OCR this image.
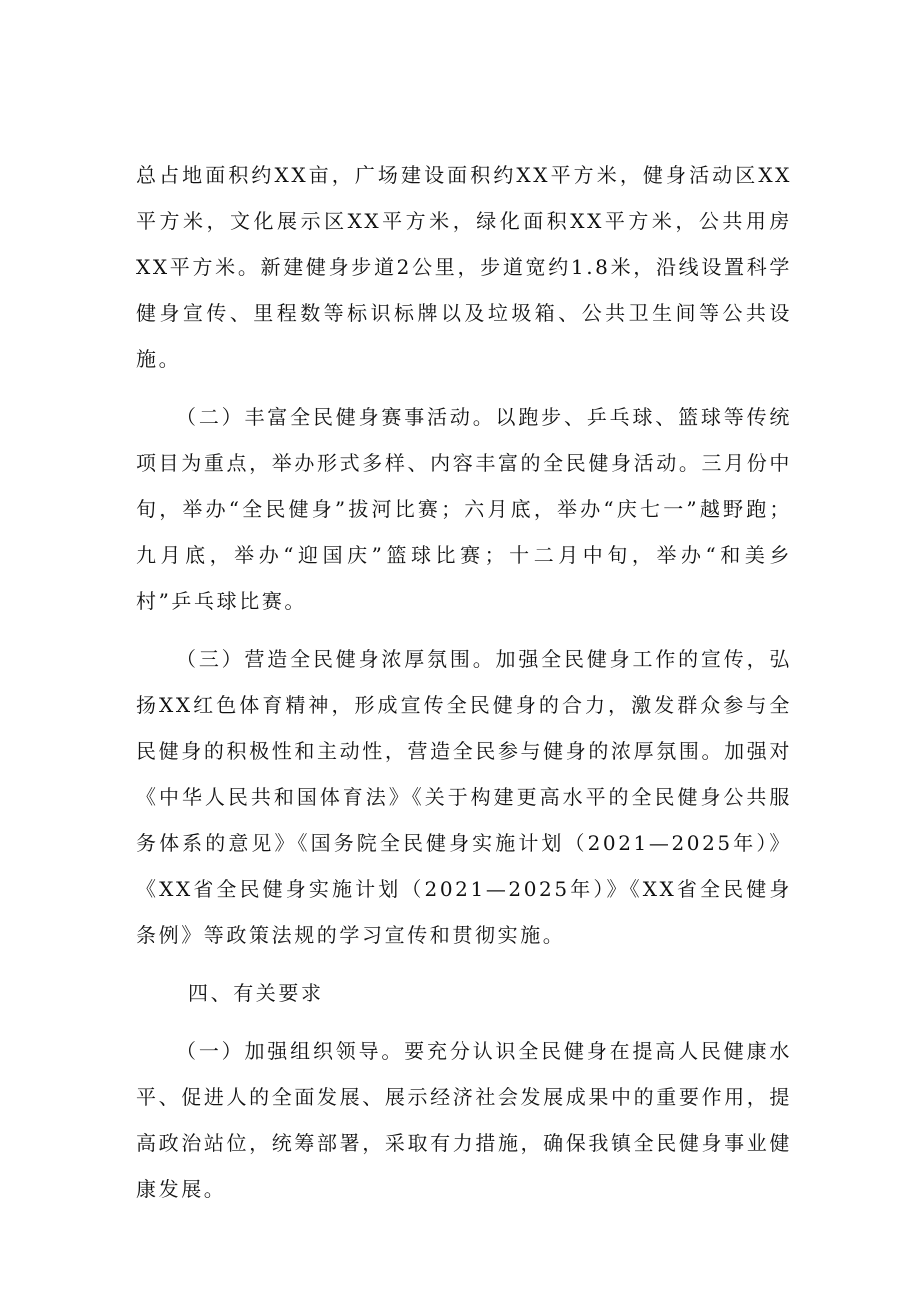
总占地面积约XX亩，广场建设面积约XX平方米，健身活动区XX平方米，文化展示区XX平方米，绿化面积XX平方米，公共用房XX平方米。新建健身步道2公里，步道宽约1.8米，沿线设置科学健身宣传、里程数等标识标牌以及垃圾箱、公共卫生间等公共设施。

（二）丰富全民健身赛事活动。以跑步、乒乓球、篮球等传统项目为重点，举办形式多样、内容丰富的全民健身活动。三月份中旬，举办“全民健身”拔河比赛；六月底，举办“庆七一”越野跑；九月底，举办“迎国庆”篮球比赛；十二月中旬，举办“和美乡村”乒乓球比赛。

（三）营造全民健身浓厚氛围。加强全民健身工作的宣传，弘扬XX红色体育精神，形成宣传全民健身的合力，激发群众参与全民健身的积极性和主动性，营造全民参与健身的浓厚氛围。加强对《中华人民共和国体育法》《关于构建更高水平的全民健身公共服务体系的意见》《国务院全民健身实施计划（2021—2025年）》《XX省全民健身实施计划（2021—2025年）》《XX省全民健身条例》等政策法规的学习宣传和贯彻实施。

四、有关要求

（一）加强组织领导。要充分认识全民健身在提高人民健康水平、促进人的全面发展、展示经济社会发展成果中的重要作用，提高政治站位，统筹部署，采取有力措施，确保我镇全民健身事业健康发展。
